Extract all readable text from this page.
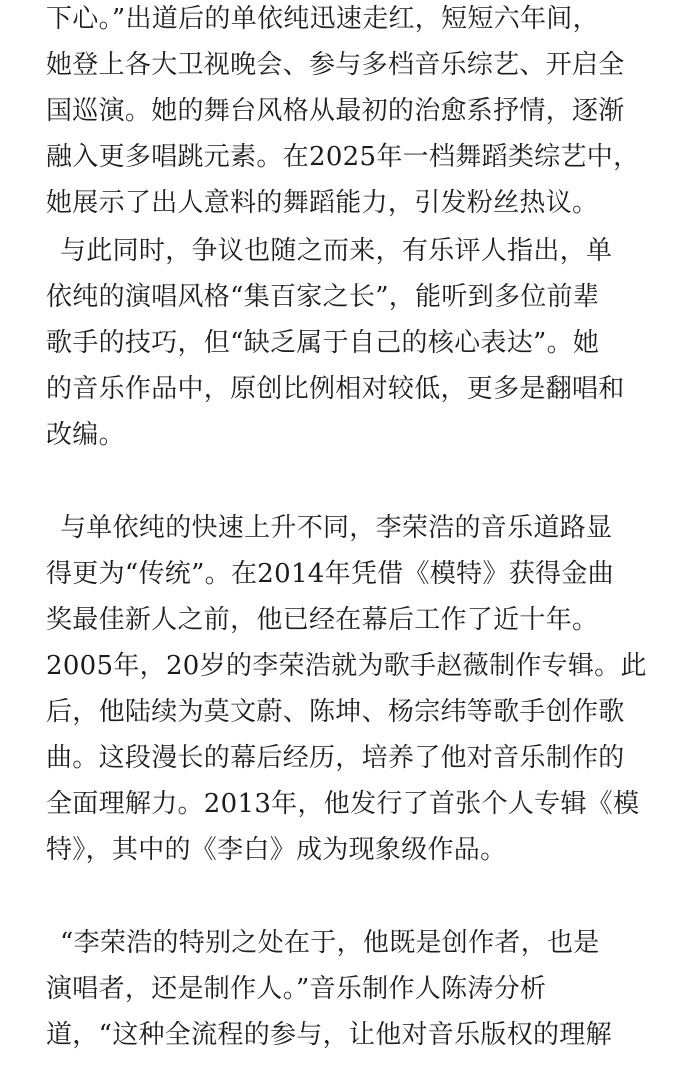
下心。”出道后的单依纯迅速走红，短短六年间，
她登上各大卫视晚会、参与多档音乐综艺、开启全
国巡演。她的舞台风格从最初的治愈系抒情，逐渐
融入更多唱跳元素。在2025年一档舞蹈类综艺中，
她展示了出人意料的舞蹈能力，引发粉丝热议。
与此同时，争议也随之而来，有乐评人指出，单
依纯的演唱风格“集百家之长”，能听到多位前辈
歌手的技巧，但“缺乏属于自己的核心表达”。她
的音乐作品中，原创比例相对较低，更多是翻唱和
改编。
与单依纯的快速上升不同，李荣浩的音乐道路显
得更为“传统”。在2014年凭借《模特》获得金曲
奖最佳新人之前，他已经在幕后工作了近十年。
2005年，20岁的李荣浩就为歌手赵薇制作专辑。此
后，他陆续为莫文蔚、陈坤、杨宗纬等歌手创作歌
曲。这段漫长的幕后经历，培养了他对音乐制作的
全面理解力。2013年，他发行了首张个人专辑《模
特》，其中的《李白》成为现象级作品。
“李荣浩的特别之处在于，他既是创作者，也是
演唱者，还是制作人。”音乐制作人陈涛分析
道，“这种全流程的参与，让他对音乐版权的理解
